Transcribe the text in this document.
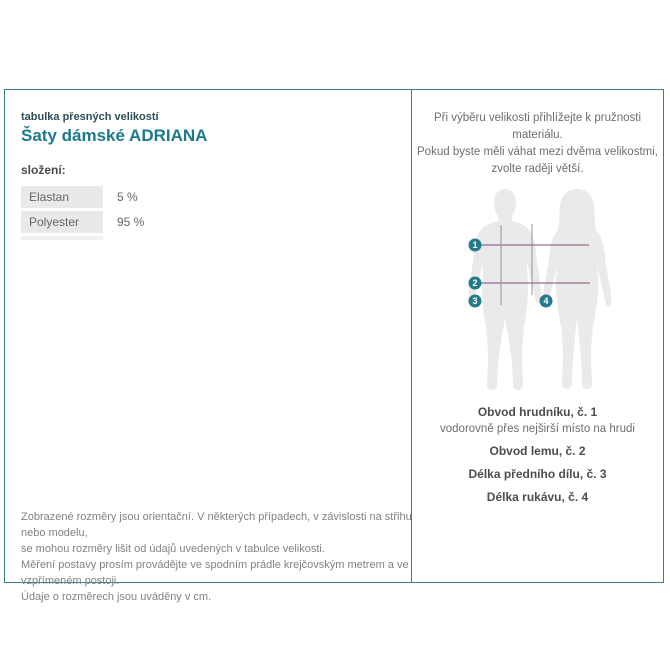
tabulka přesných velikostí
Šaty dámské ADRIANA
složení:
Elastan	5 %
Polyester	95 %
Zobrazené rozměry jsou orientační. V některých případech, v závislosti na střihu nebo modelu,
se mohou rozměry lišit od údajů uvedených v tabulce velikosti.
Měření postavy prosím provádějte ve spodním prádle krejčovským metrem a ve vzpřímeném postoji.
Údaje o rozměrech jsou uváděny v cm.
Při výběru velikosti přihlížejte k pružnosti materiálu.
Pokud byste měli váhat mezi dvěma velikostmi,
zvolte raději větší.
1
2
3	4
Obvod hrudníku, č. 1
vodorovně přes nejširší místo na hrudi
Obvod lemu, č. 2
Délka předního dílu, č. 3
Délka rukávu, č. 4
